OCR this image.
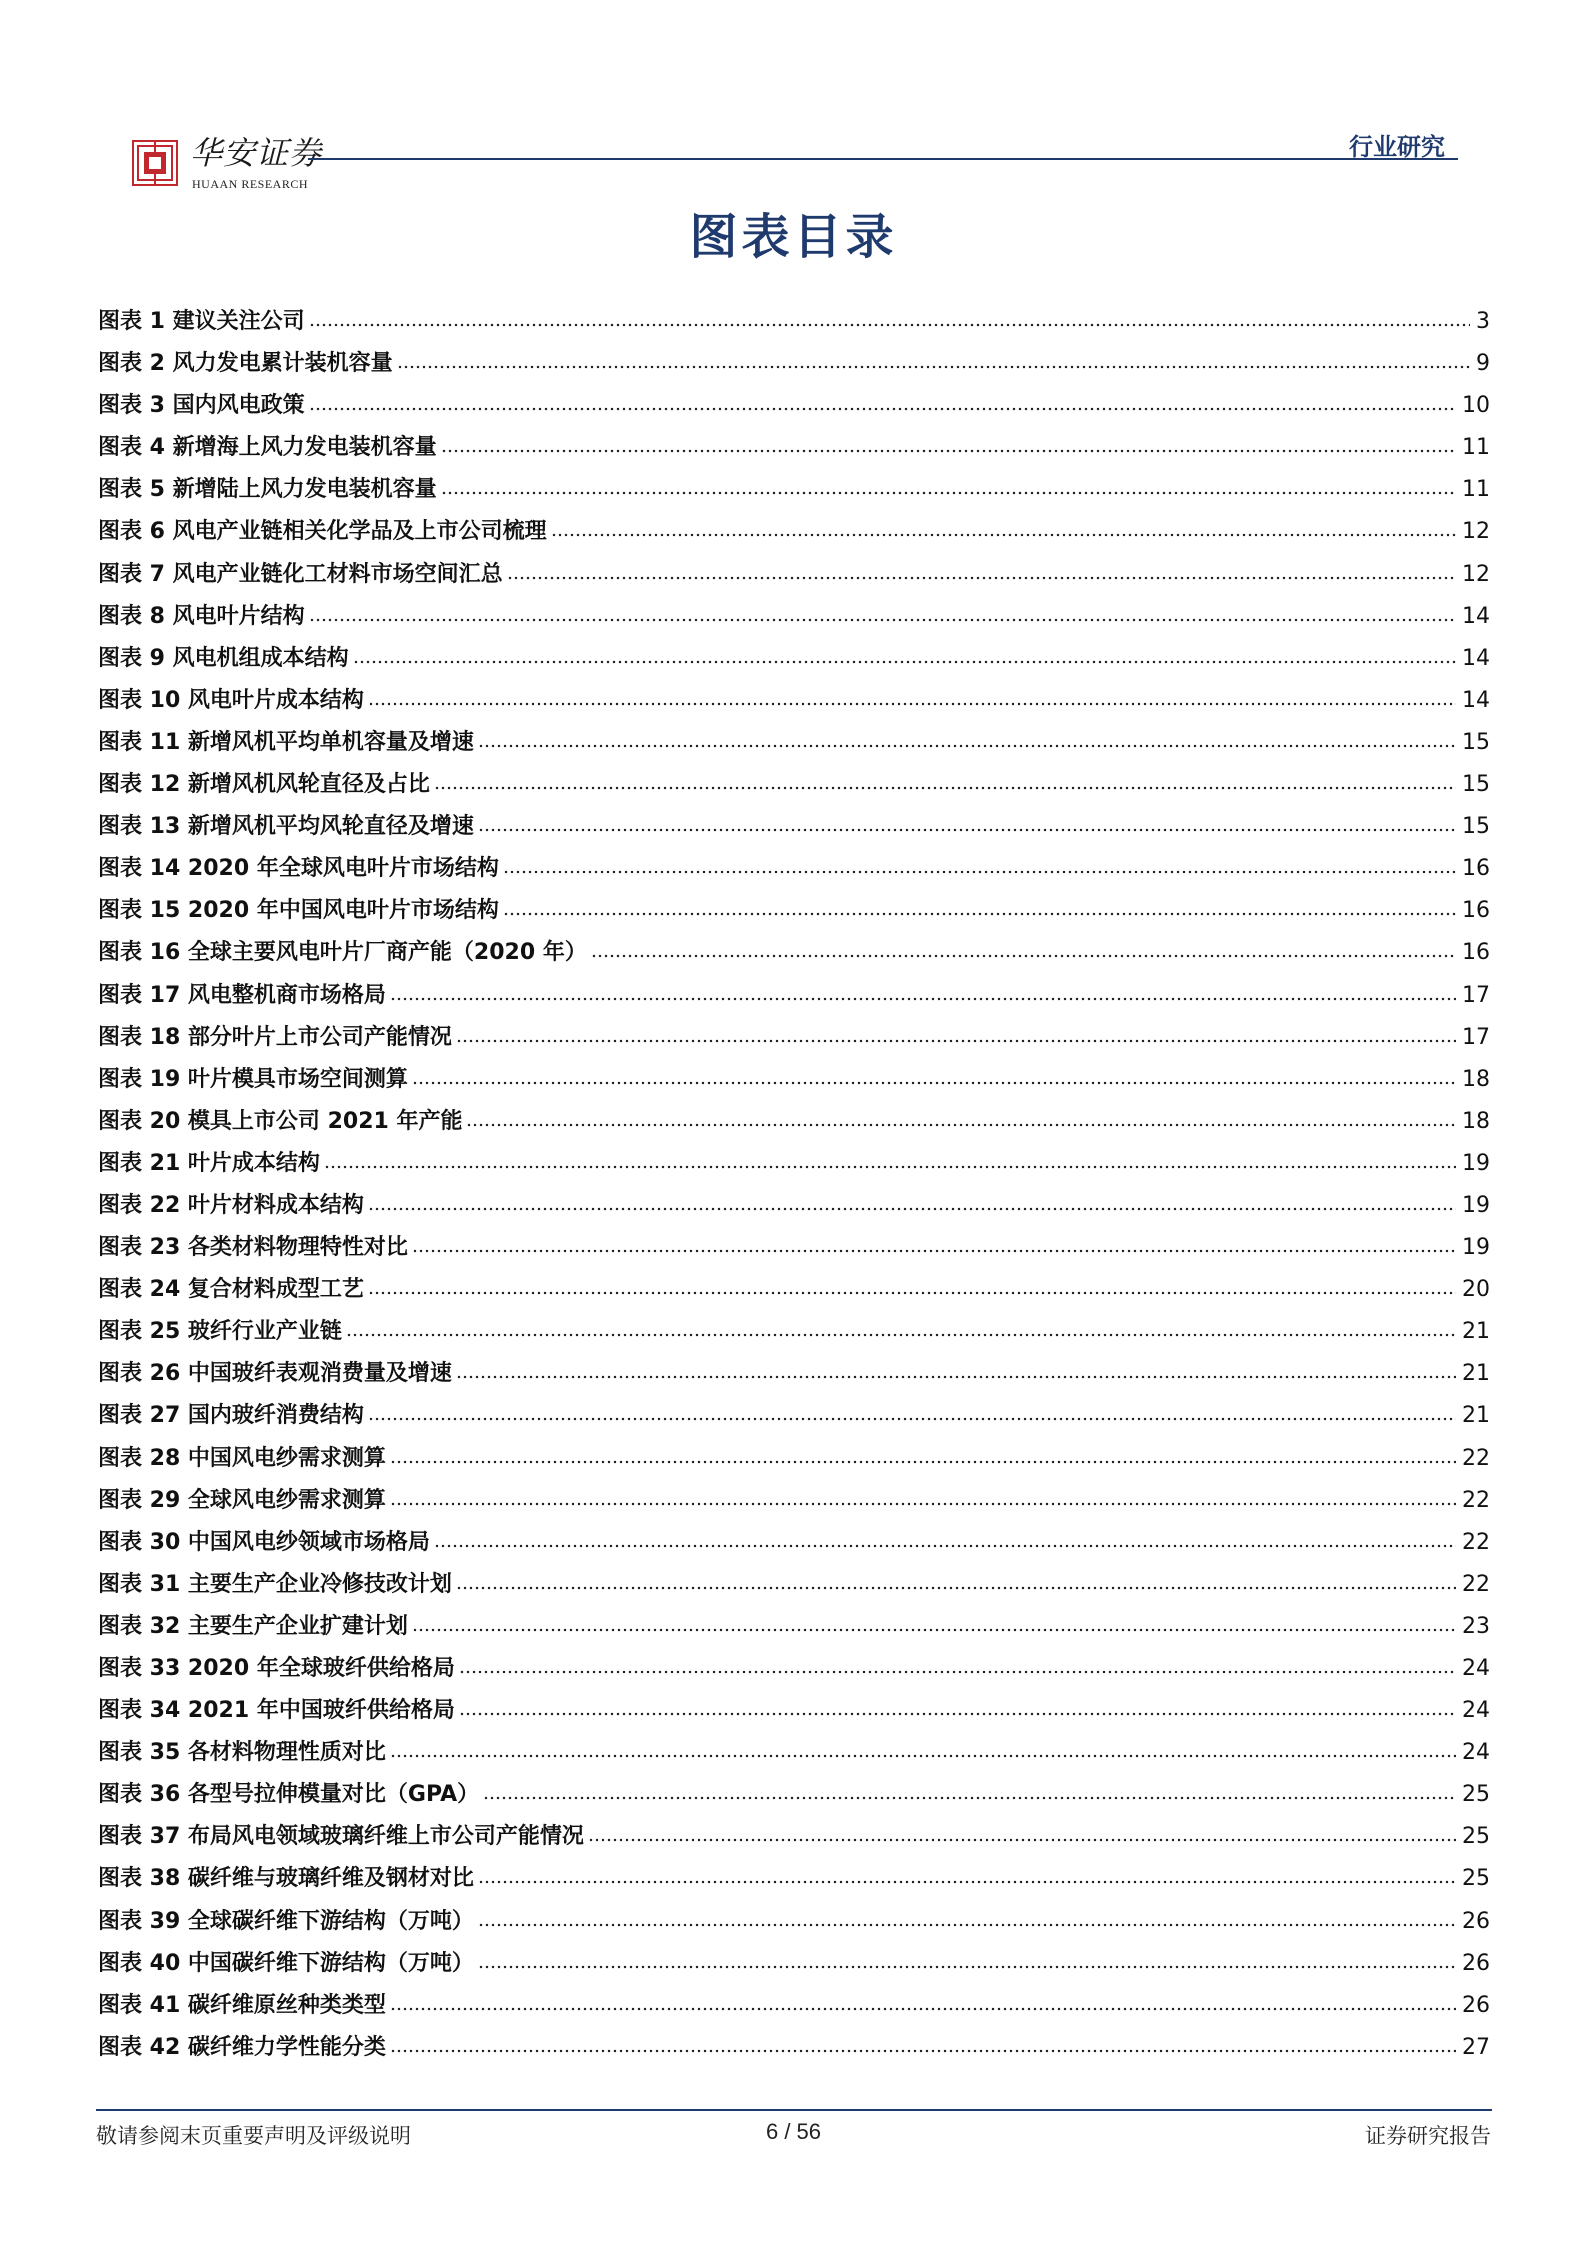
华安证券
HUAAN RESEARCH
行业研究
图表目录
图表 1 建议关注公司	3
图表 2 风力发电累计装机容量	9
图表 3 国内风电政策	10
图表 4 新增海上风力发电装机容量	11
图表 5 新增陆上风力发电装机容量	11
图表 6 风电产业链相关化学品及上市公司梳理	12
图表 7 风电产业链化工材料市场空间汇总	12
图表 8 风电叶片结构	14
图表 9 风电机组成本结构	14
图表 10 风电叶片成本结构	14
图表 11 新增风机平均单机容量及增速	15
图表 12 新增风机风轮直径及占比	15
图表 13 新增风机平均风轮直径及增速	15
图表 14 2020 年全球风电叶片市场结构	16
图表 15 2020 年中国风电叶片市场结构	16
图表 16 全球主要风电叶片厂商产能（2020 年）	16
图表 17 风电整机商市场格局	17
图表 18 部分叶片上市公司产能情况	17
图表 19 叶片模具市场空间测算	18
图表 20 模具上市公司 2021 年产能	18
图表 21 叶片成本结构	19
图表 22 叶片材料成本结构	19
图表 23 各类材料物理特性对比	19
图表 24 复合材料成型工艺	20
图表 25 玻纤行业产业链	21
图表 26 中国玻纤表观消费量及增速	21
图表 27 国内玻纤消费结构	21
图表 28 中国风电纱需求测算	22
图表 29 全球风电纱需求测算	22
图表 30 中国风电纱领域市场格局	22
图表 31 主要生产企业冷修技改计划	22
图表 32 主要生产企业扩建计划	23
图表 33 2020 年全球玻纤供给格局	24
图表 34 2021 年中国玻纤供给格局	24
图表 35 各材料物理性质对比	24
图表 36 各型号拉伸模量对比（GPA）	25
图表 37 布局风电领域玻璃纤维上市公司产能情况	25
图表 38 碳纤维与玻璃纤维及钢材对比	25
图表 39 全球碳纤维下游结构（万吨）	26
图表 40 中国碳纤维下游结构（万吨）	26
图表 41 碳纤维原丝种类类型	26
图表 42 碳纤维力学性能分类	27
敬请参阅末页重要声明及评级说明	6 / 56	证券研究报告
